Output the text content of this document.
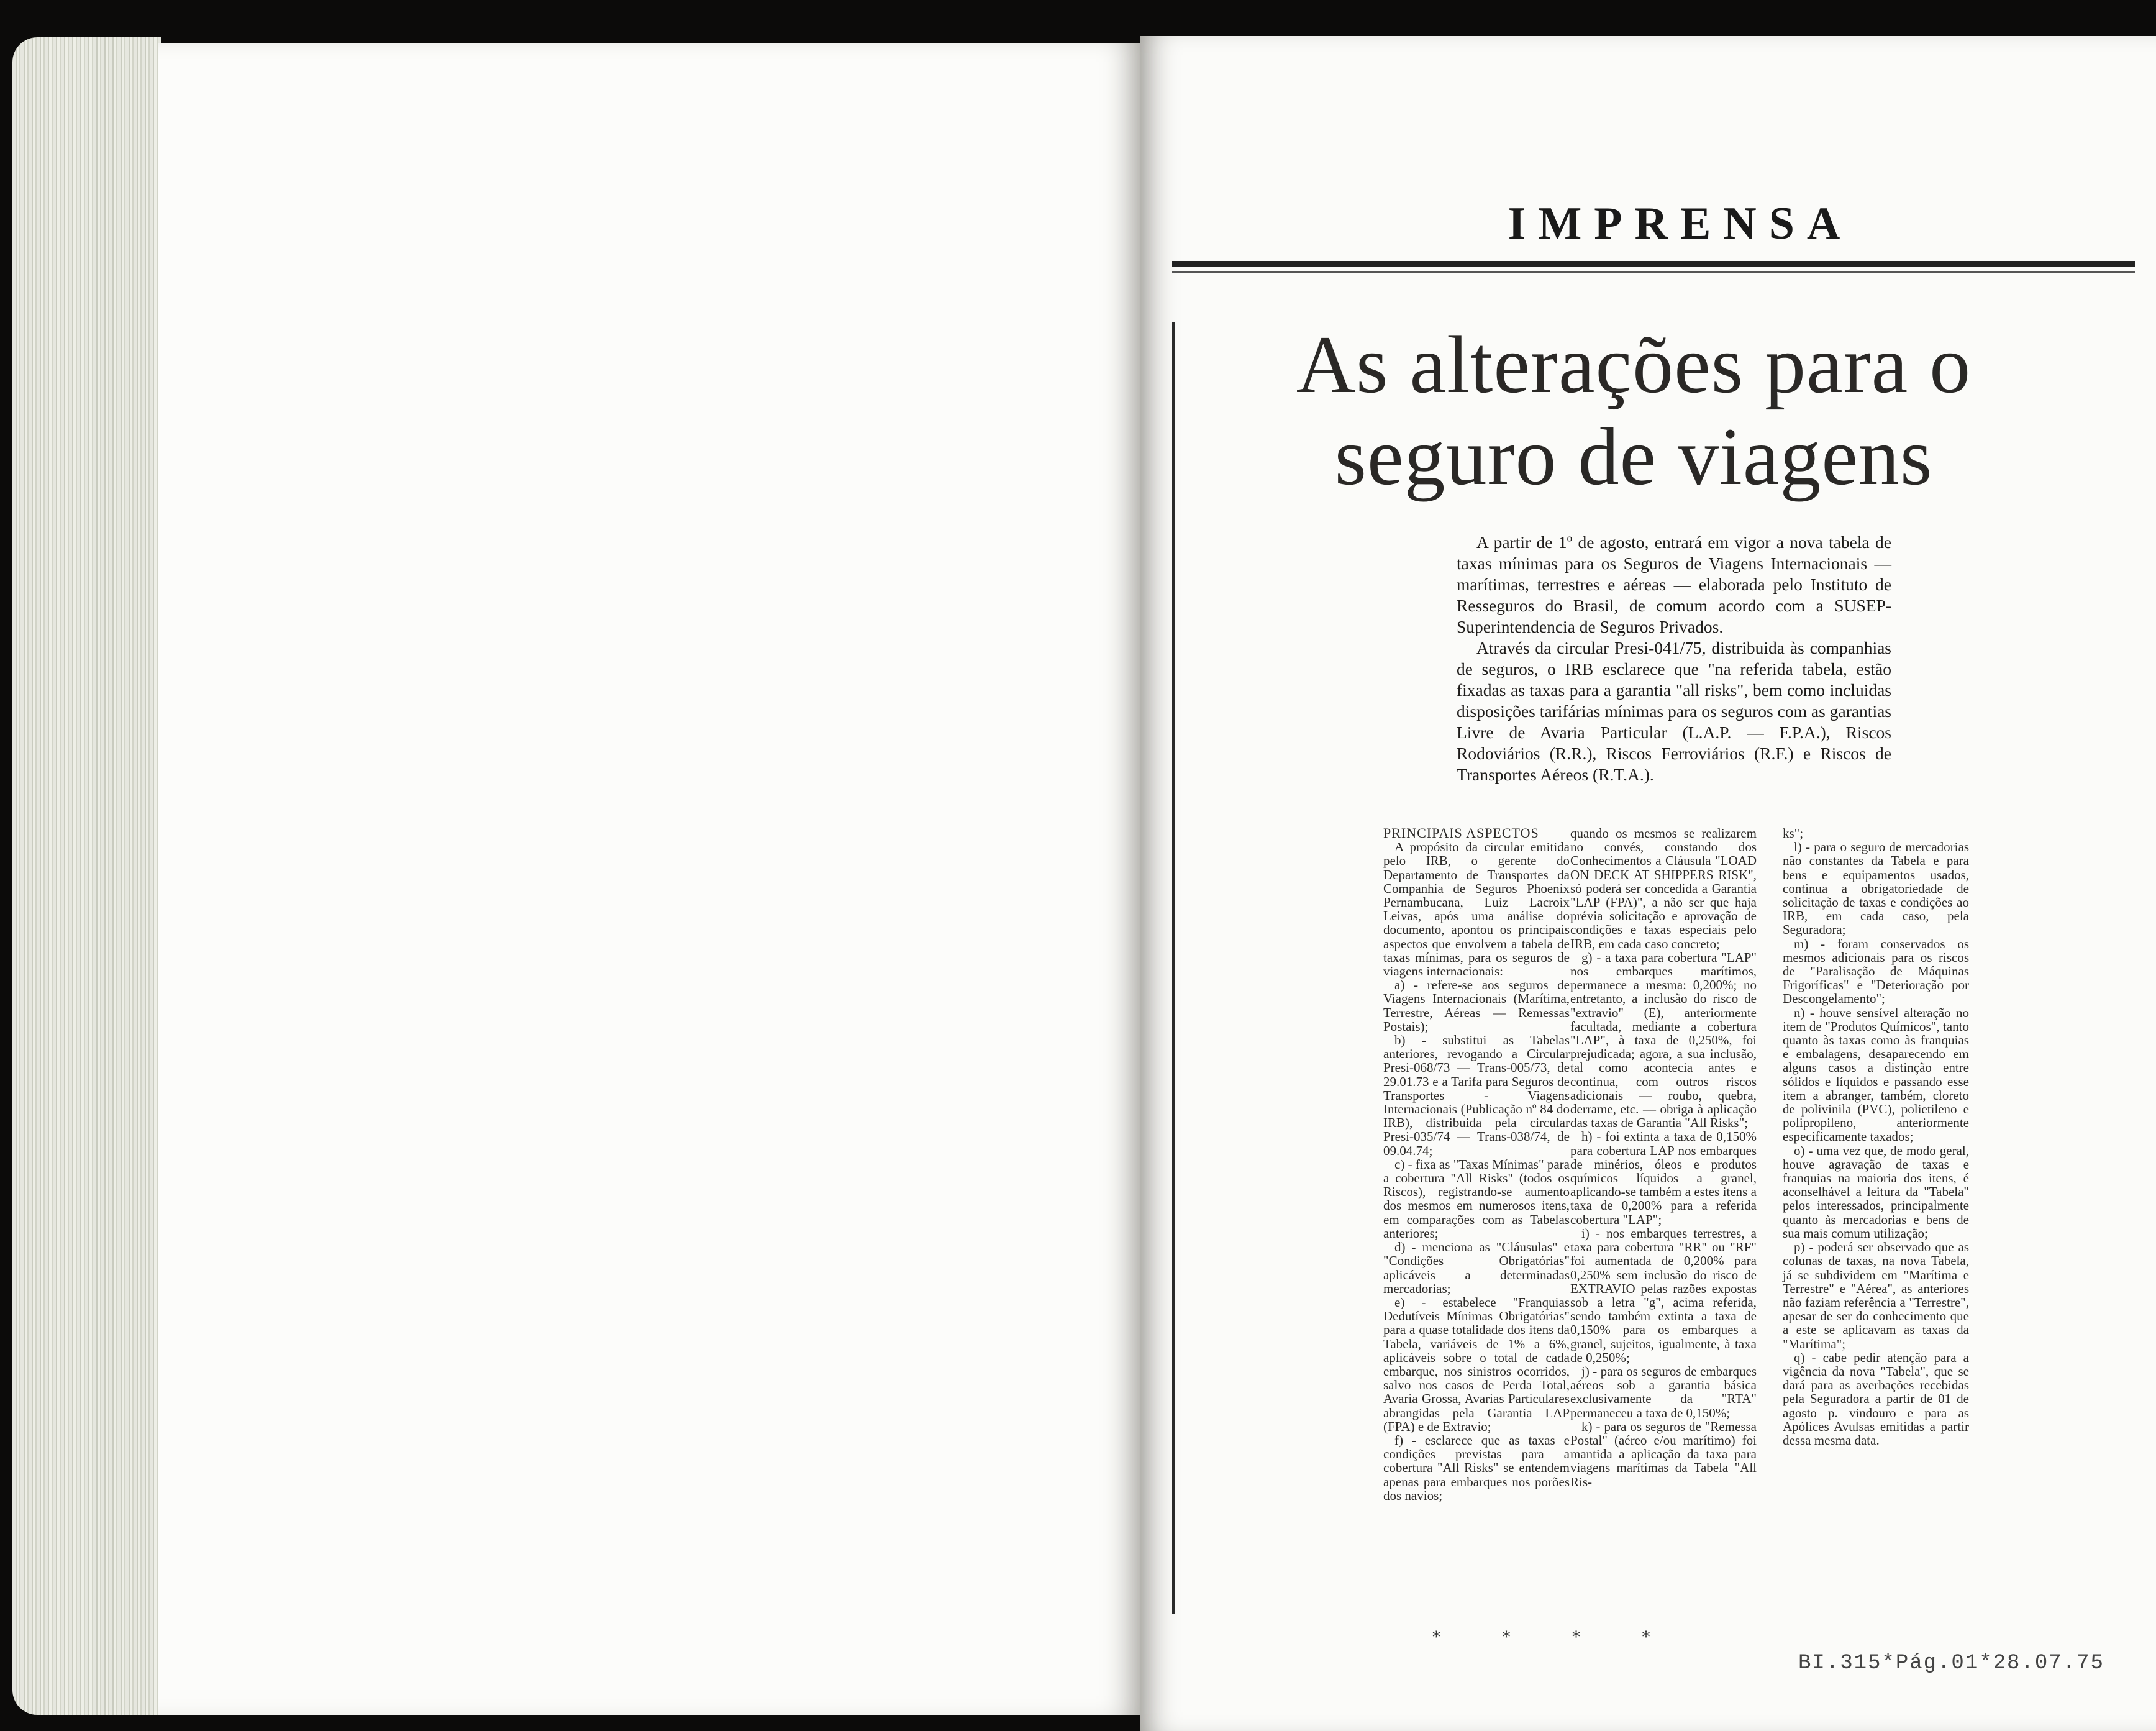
IMPRENSA
As alterações para o
seguro de viagens

A partir de 1º de agosto, entrará em vigor a nova tabela de taxas mínimas para os Seguros de Viagens Internacionais — marítimas, terrestres e aéreas — elaborada pelo Instituto de Resseguros do Brasil, de comum acordo com a SUSEP-Superintendencia de Seguros Privados.

Através da circular Presi-041/75, distribuida às companhias de seguros, o IRB esclarece que "na referida tabela, estão fixadas as taxas para a garantia "all risks", bem como incluidas disposições tarifárias mínimas para os seguros com as garantias Livre de Avaria Particular (L.A.P. — F.P.A.), Riscos Rodoviários (R.R.), Riscos Ferroviários (R.F.) e Riscos de Transportes Aéreos (R.T.A.).

PRINCIPAIS ASPECTOS

A propósito da circular emitida pelo IRB, o gerente do Departamento de Transportes da Companhia de Seguros Phoenix Pernambucana, Luiz Lacroix Leivas, após uma análise do documento, apontou os principais aspectos que envolvem a tabela de taxas mínimas, para os seguros de viagens internacionais:

a) - refere-se aos seguros de Viagens Internacionais (Marítima, Terrestre, Aéreas — Remessas Postais);

b) - substitui as Tabelas anteriores, revogando a Circular Presi-068/73 — Trans-005/73, de 29.01.73 e a Tarifa para Seguros de Transportes - Viagens Internacionais (Publicação nº 84 do IRB), distribuida pela circular Presi-035/74 — Trans-038/74, de 09.04.74;

c) - fixa as "Taxas Mínimas" para a cobertura "All Risks" (todos os Riscos), registrando-se aumento dos mesmos em numerosos itens, em comparações com as Tabelas anteriores;

d) - menciona as "Cláusulas" e "Condições Obrigatórias" aplicáveis a determinadas mercadorias;

e) - estabelece "Franquias Dedutíveis Mínimas Obrigatórias" para a quase totalidade dos itens da Tabela, variáveis de 1% a 6%, aplicáveis sobre o total de cada embarque, nos sinistros ocorridos, salvo nos casos de Perda Total, Avaria Grossa, Avarias Particulares abrangidas pela Garantia LAP (FPA) e de Extravio;

f) - esclarece que as taxas e condições previstas para a cobertura "All Risks" se entendem apenas para embarques nos porões dos navios;

quando os mesmos se realizarem no convés, constando dos Conhecimentos a Cláusula "LOAD ON DECK AT SHIPPERS RISK", só poderá ser concedida a Garantia "LAP (FPA)", a não ser que haja prévia solicitação e aprovação de condições e taxas especiais pelo IRB, em cada caso concreto;

g) - a taxa para cobertura "LAP" nos embarques marítimos, permanece a mesma: 0,200%; no entretanto, a inclusão do risco de "extravio" (E), anteriormente facultada, mediante a cobertura "LAP", à taxa de 0,250%, foi prejudicada; agora, a sua inclusão, tal como acontecia antes e continua, com outros riscos adicionais — roubo, quebra, derrame, etc. — obriga à aplicação das taxas de Garantia "All Risks";

h) - foi extinta a taxa de 0,150% para cobertura LAP nos embarques de minérios, óleos e produtos químicos líquidos a granel, aplicando-se também a estes itens a taxa de 0,200% para a referida cobertura "LAP";

i) - nos embarques terrestres, a taxa para cobertura "RR" ou "RF" foi aumentada de 0,200% para 0,250% sem inclusão do risco de EXTRAVIO pelas razões expostas sob a letra "g", acima referida, sendo também extinta a taxa de 0,150% para os embarques a granel, sujeitos, igualmente, à taxa de 0,250%;

j) - para os seguros de embarques aéreos sob a garantia básica exclusivamente da "RTA" permaneceu a taxa de 0,150%;

k) - para os seguros de "Remessa Postal" (aéreo e/ou marítimo) foi mantida a aplicação da taxa para viagens marítimas da Tabela "All Ris-

ks";

l) - para o seguro de mercadorias não constantes da Tabela e para bens e equipamentos usados, continua a obrigatoriedade de solicitação de taxas e condições ao IRB, em cada caso, pela Seguradora;

m) - foram conservados os mesmos adicionais para os riscos de "Paralisação de Máquinas Frigoríficas" e "Deterioração por Descongelamento";

n) - houve sensível alteração no item de "Produtos Químicos", tanto quanto às taxas como às franquias e embalagens, desaparecendo em alguns casos a distinção entre sólidos e líquidos e passando esse item a abranger, também, cloreto de polivinila (PVC), polietileno e polipropileno, anteriormente especificamente taxados;

o) - uma vez que, de modo geral, houve agravação de taxas e franquias na maioria dos itens, é aconselhável a leitura da "Tabela" pelos interessados, principalmente quanto às mercadorias e bens de sua mais comum utilização;

p) - poderá ser observado que as colunas de taxas, na nova Tabela, já se subdividem em "Marítima e Terrestre" e "Aérea", as anteriores não faziam referência a "Terrestre", apesar de ser do conhecimento que a este se aplicavam as taxas da "Marítima";

q) - cabe pedir atenção para a vigência da nova "Tabela", que se dará para as averbações recebidas pela Seguradora a partir de 01 de agosto p. vindouro e para as Apólices Avulsas emitidas a partir dessa mesma data.

* * * *
BI.315*Pág.01*28.07.75
